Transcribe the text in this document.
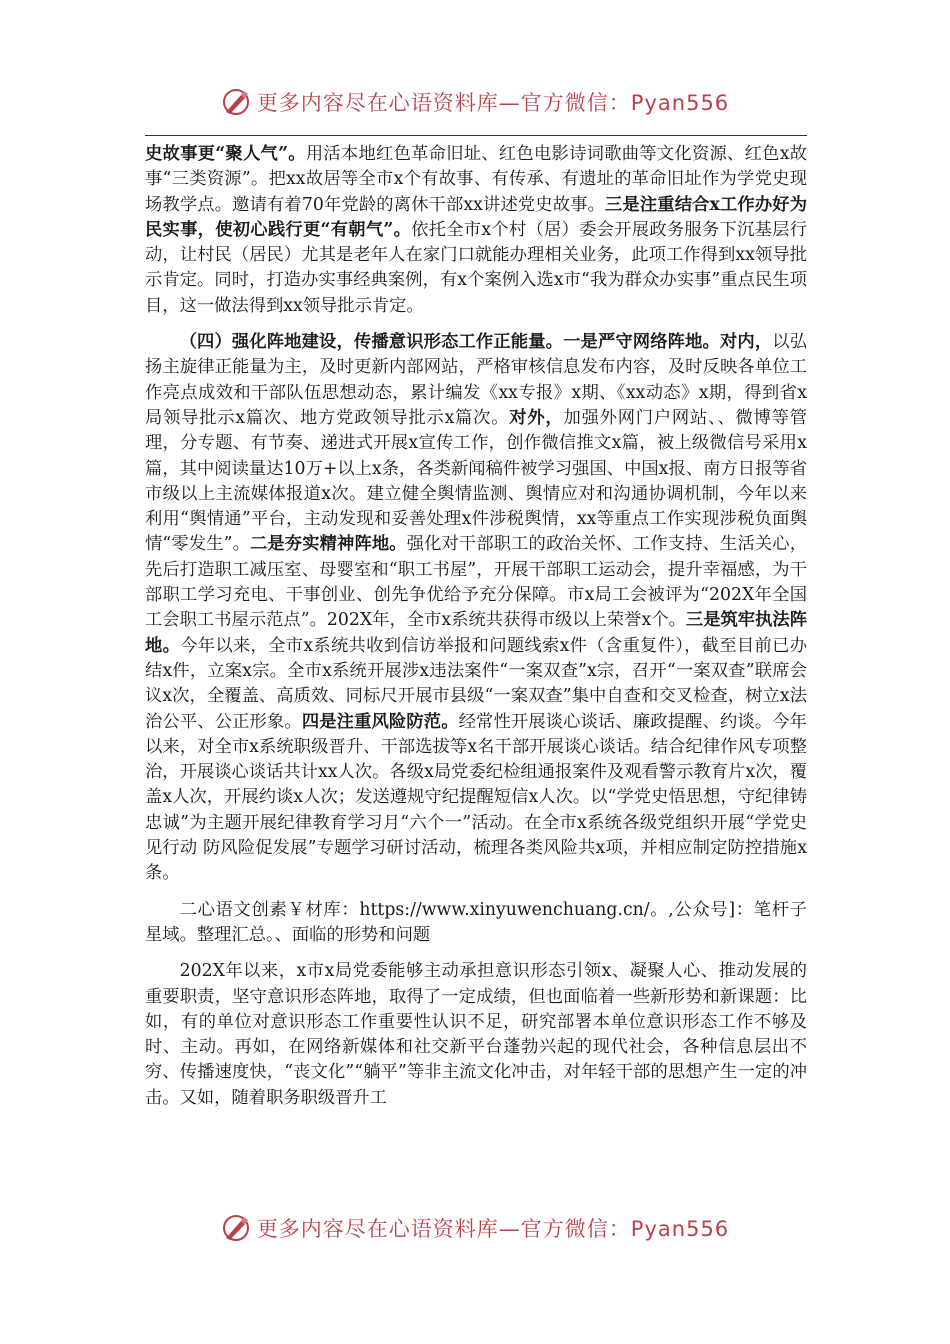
更多内容尽在心语资料库—官方微信：Pyan556

史故事更“聚人气”。用活本地红色革命旧址、红色电影诗词歌曲等文化资源、红色x故事“三类资源”。把xx故居等全市x个有故事、有传承、有遗址的革命旧址作为学党史现场教学点。邀请有着70年党龄的离休干部xx讲述党史故事。三是注重结合x工作办好为民实事，使初心践行更“有朝气”。依托全市x个村（居）委会开展政务服务下沉基层行动，让村民（居民）尤其是老年人在家门口就能办理相关业务，此项工作得到xx领导批示肯定。同时，打造办实事经典案例，有x个案例入选x市“我为群众办实事”重点民生项目，这一做法得到xx领导批示肯定。

（四）强化阵地建设，传播意识形态工作正能量。一是严守网络阵地。对内，以弘扬主旋律正能量为主，及时更新内部网站，严格审核信息发布内容，及时反映各单位工作亮点成效和干部队伍思想动态，累计编发《xx专报》x期、《xx动态》x期，得到省x局领导批示x篇次、地方党政领导批示x篇次。对外，加强外网门户网站、、微博等管理，分专题、有节奏、递进式开展x宣传工作，创作微信推文x篇，被上级微信号采用x篇，其中阅读量达10万+以上x条，各类新闻稿件被学习强国、中国x报、南方日报等省市级以上主流媒体报道x次。建立健全舆情监测、舆情应对和沟通协调机制，今年以来利用“舆情通”平台，主动发现和妥善处理x件涉税舆情，xx等重点工作实现涉税负面舆情“零发生”。二是夯实精神阵地。强化对干部职工的政治关怀、工作支持、生活关心，先后打造职工减压室、母婴室和“职工书屋”，开展干部职工运动会，提升幸福感，为干部职工学习充电、干事创业、创先争优给予充分保障。市x局工会被评为“202X年全国工会职工书屋示范点”。202X年，全市x系统共获得市级以上荣誉x个。三是筑牢执法阵地。今年以来，全市x系统共收到信访举报和问题线索x件（含重复件），截至目前已办结x件，立案x宗。全市x系统开展涉x违法案件“一案双查”x宗，召开“一案双查”联席会议x次，全覆盖、高质效、同标尺开展市县级“一案双查”集中自查和交叉检查，树立x法治公平、公正形象。四是注重风险防范。经常性开展谈心谈话、廉政提醒、约谈。今年以来，对全市x系统职级晋升、干部选拔等x名干部开展谈心谈话。结合纪律作风专项整治，开展谈心谈话共计xx人次。各级x局党委纪检组通报案件及观看警示教育片x次，覆盖x人次，开展约谈x人次；发送遵规守纪提醒短信x人次。以“学党史悟思想，守纪律铸忠诚”为主题开展纪律教育学习月“六个一”活动。在全市x系统各级党组织开展“学党史见行动 防风险促发展”专题学习研讨活动，梳理各类风险共x项，并相应制定防控措施x条。

二心语文创素￥材库：https://www.xinyuwenchuang.cn/。,公众号]：笔杆子星域。整理汇总。、面临的形势和问题

202X年以来，x市x局党委能够主动承担意识形态引领x、凝聚人心、推动发展的重要职责，坚守意识形态阵地，取得了一定成绩，但也面临着一些新形势和新课题：比如，有的单位对意识形态工作重要性认识不足，研究部署本单位意识形态工作不够及时、主动。再如，在网络新媒体和社交新平台蓬勃兴起的现代社会，各种信息层出不穷、传播速度快，“丧文化”“躺平”等非主流文化冲击，对年轻干部的思想产生一定的冲击。又如，随着职务职级晋升工

更多内容尽在心语资料库—官方微信：Pyan556
